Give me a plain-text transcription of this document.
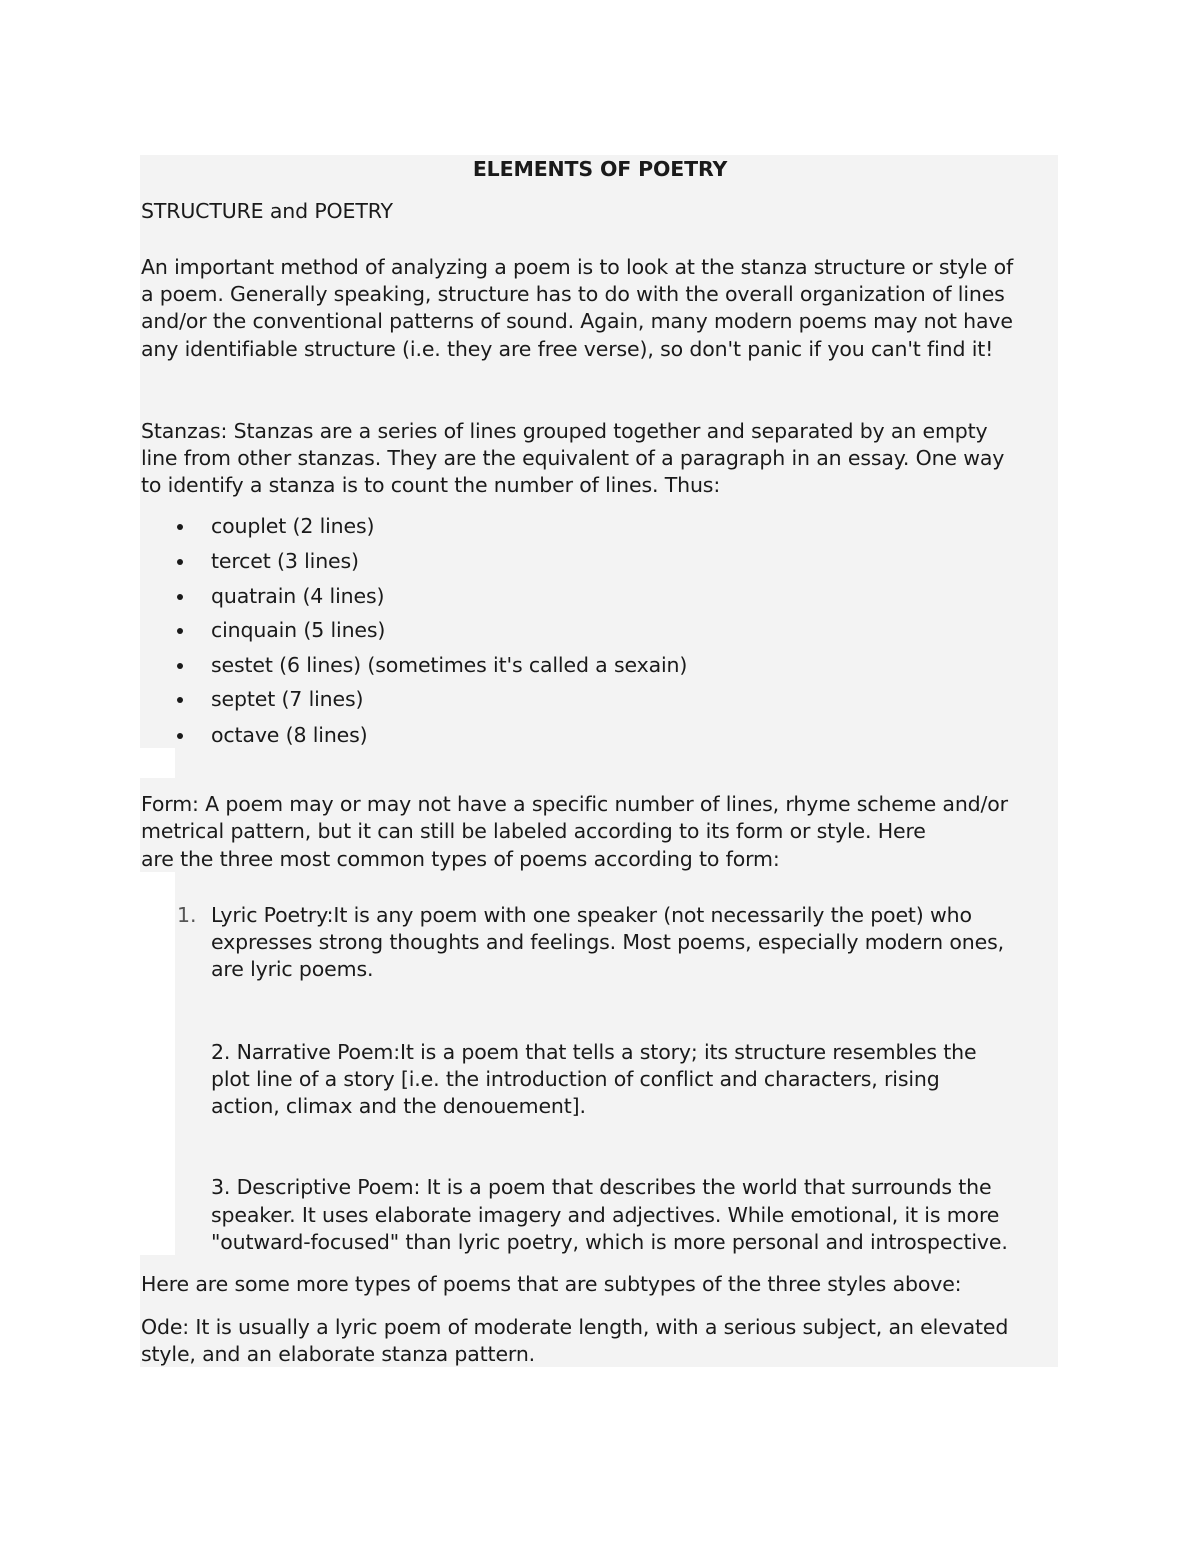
ELEMENTS OF POETRY
STRUCTURE and POETRY
An important method of analyzing a poem is to look at the stanza structure or style of
a poem. Generally speaking, structure has to do with the overall organization of lines
and/or the conventional patterns of sound. Again, many modern poems may not have
any identifiable structure (i.e. they are free verse), so don't panic if you can't find it!
Stanzas: Stanzas are a series of lines grouped together and separated by an empty
line from other stanzas. They are the equivalent of a paragraph in an essay. One way
to identify a stanza is to count the number of lines. Thus:
couplet (2 lines)
tercet (3 lines)
quatrain (4 lines)
cinquain (5 lines)
sestet (6 lines) (sometimes it's called a sexain)
septet (7 lines)
octave (8 lines)
Form: A poem may or may not have a specific number of lines, rhyme scheme and/or
metrical pattern, but it can still be labeled according to its form or style. Here
are the three most common types of poems according to form:
1. Lyric Poetry:It is any poem with one speaker (not necessarily the poet) who
expresses strong thoughts and feelings. Most poems, especially modern ones,
are lyric poems.
2. Narrative Poem:It is a poem that tells a story; its structure resembles the
plot line of a story [i.e. the introduction of conflict and characters, rising
action, climax and the denouement].
3. Descriptive Poem: It is a poem that describes the world that surrounds the
speaker. It uses elaborate imagery and adjectives. While emotional, it is more
"outward-focused" than lyric poetry, which is more personal and introspective.
Here are some more types of poems that are subtypes of the three styles above:
Ode: It is usually a lyric poem of moderate length, with a serious subject, an elevated
style, and an elaborate stanza pattern.
